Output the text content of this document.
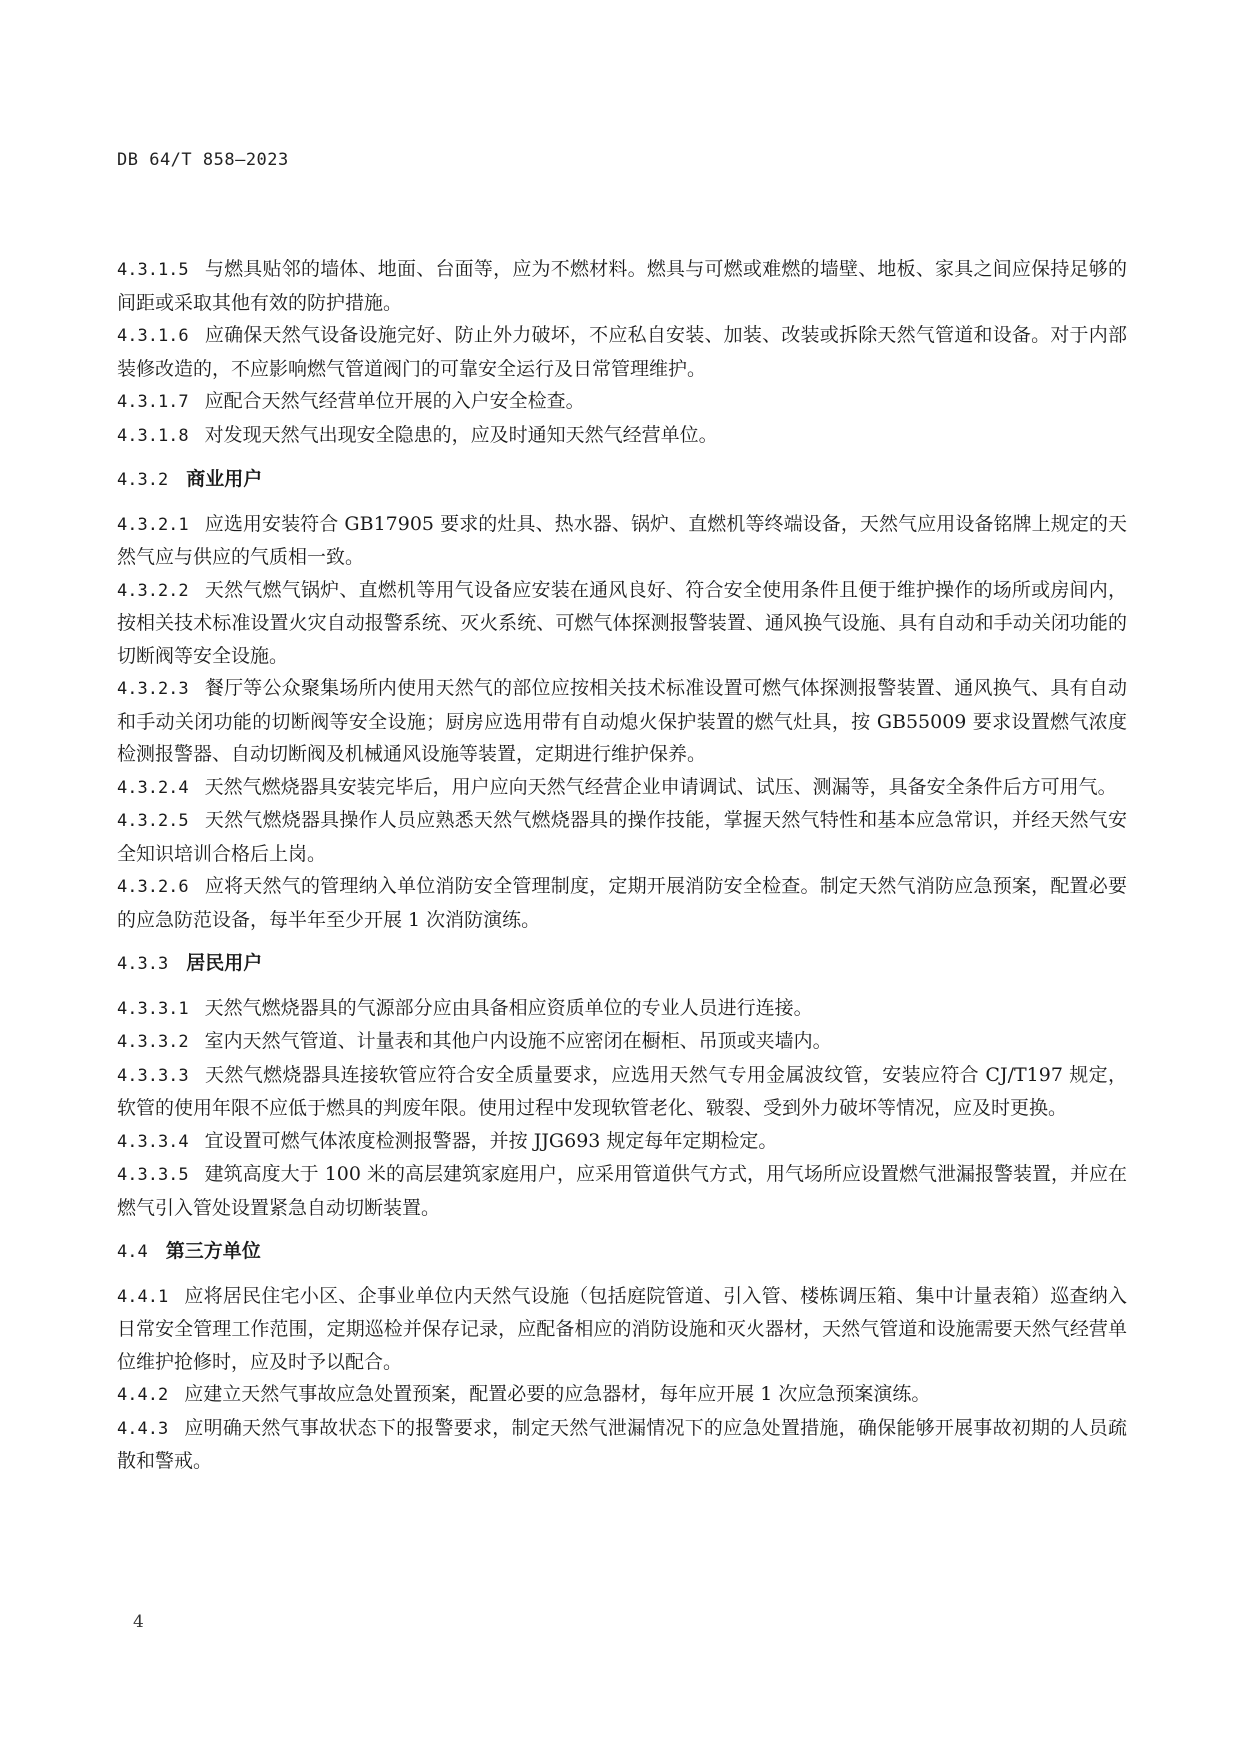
DB 64/T 858—2023

4.3.1.5 与燃具贴邻的墙体、地面、台面等，应为不燃材料。燃具与可燃或难燃的墙壁、地板、家具之间应保持足够的间距或采取其他有效的防护措施。

4.3.1.6 应确保天然气设备设施完好、防止外力破坏，不应私自安装、加装、改装或拆除天然气管道和设备。对于内部装修改造的，不应影响燃气管道阀门的可靠安全运行及日常管理维护。

4.3.1.7 应配合天然气经营单位开展的入户安全检查。

4.3.1.8 对发现天然气出现安全隐患的，应及时通知天然气经营单位。

4.3.2 商业用户

4.3.2.1 应选用安装符合 GB17905 要求的灶具、热水器、锅炉、直燃机等终端设备，天然气应用设备铭牌上规定的天然气应与供应的气质相一致。

4.3.2.2 天然气燃气锅炉、直燃机等用气设备应安装在通风良好、符合安全使用条件且便于维护操作的场所或房间内，按相关技术标准设置火灾自动报警系统、灭火系统、可燃气体探测报警装置、通风换气设施、具有自动和手动关闭功能的切断阀等安全设施。

4.3.2.3 餐厅等公众聚集场所内使用天然气的部位应按相关技术标准设置可燃气体探测报警装置、通风换气、具有自动和手动关闭功能的切断阀等安全设施；厨房应选用带有自动熄火保护装置的燃气灶具，按 GB55009 要求设置燃气浓度检测报警器、自动切断阀及机械通风设施等装置，定期进行维护保养。

4.3.2.4 天然气燃烧器具安装完毕后，用户应向天然气经营企业申请调试、试压、测漏等，具备安全条件后方可用气。

4.3.2.5 天然气燃烧器具操作人员应熟悉天然气燃烧器具的操作技能，掌握天然气特性和基本应急常识，并经天然气安全知识培训合格后上岗。

4.3.2.6 应将天然气的管理纳入单位消防安全管理制度，定期开展消防安全检查。制定天然气消防应急预案，配置必要的应急防范设备，每半年至少开展 1 次消防演练。

4.3.3 居民用户

4.3.3.1 天然气燃烧器具的气源部分应由具备相应资质单位的专业人员进行连接。

4.3.3.2 室内天然气管道、计量表和其他户内设施不应密闭在橱柜、吊顶或夹墙内。

4.3.3.3 天然气燃烧器具连接软管应符合安全质量要求，应选用天然气专用金属波纹管，安装应符合 CJ/T197 规定，软管的使用年限不应低于燃具的判废年限。使用过程中发现软管老化、皲裂、受到外力破坏等情况，应及时更换。

4.3.3.4 宜设置可燃气体浓度检测报警器，并按 JJG693 规定每年定期检定。

4.3.3.5 建筑高度大于 100 米的高层建筑家庭用户，应采用管道供气方式，用气场所应设置燃气泄漏报警装置，并应在燃气引入管处设置紧急自动切断装置。

4.4 第三方单位

4.4.1 应将居民住宅小区、企事业单位内天然气设施（包括庭院管道、引入管、楼栋调压箱、集中计量表箱）巡查纳入日常安全管理工作范围，定期巡检并保存记录，应配备相应的消防设施和灭火器材，天然气管道和设施需要天然气经营单位维护抢修时，应及时予以配合。

4.4.2 应建立天然气事故应急处置预案，配置必要的应急器材，每年应开展 1 次应急预案演练。

4.4.3 应明确天然气事故状态下的报警要求，制定天然气泄漏情况下的应急处置措施，确保能够开展事故初期的人员疏散和警戒。

4
